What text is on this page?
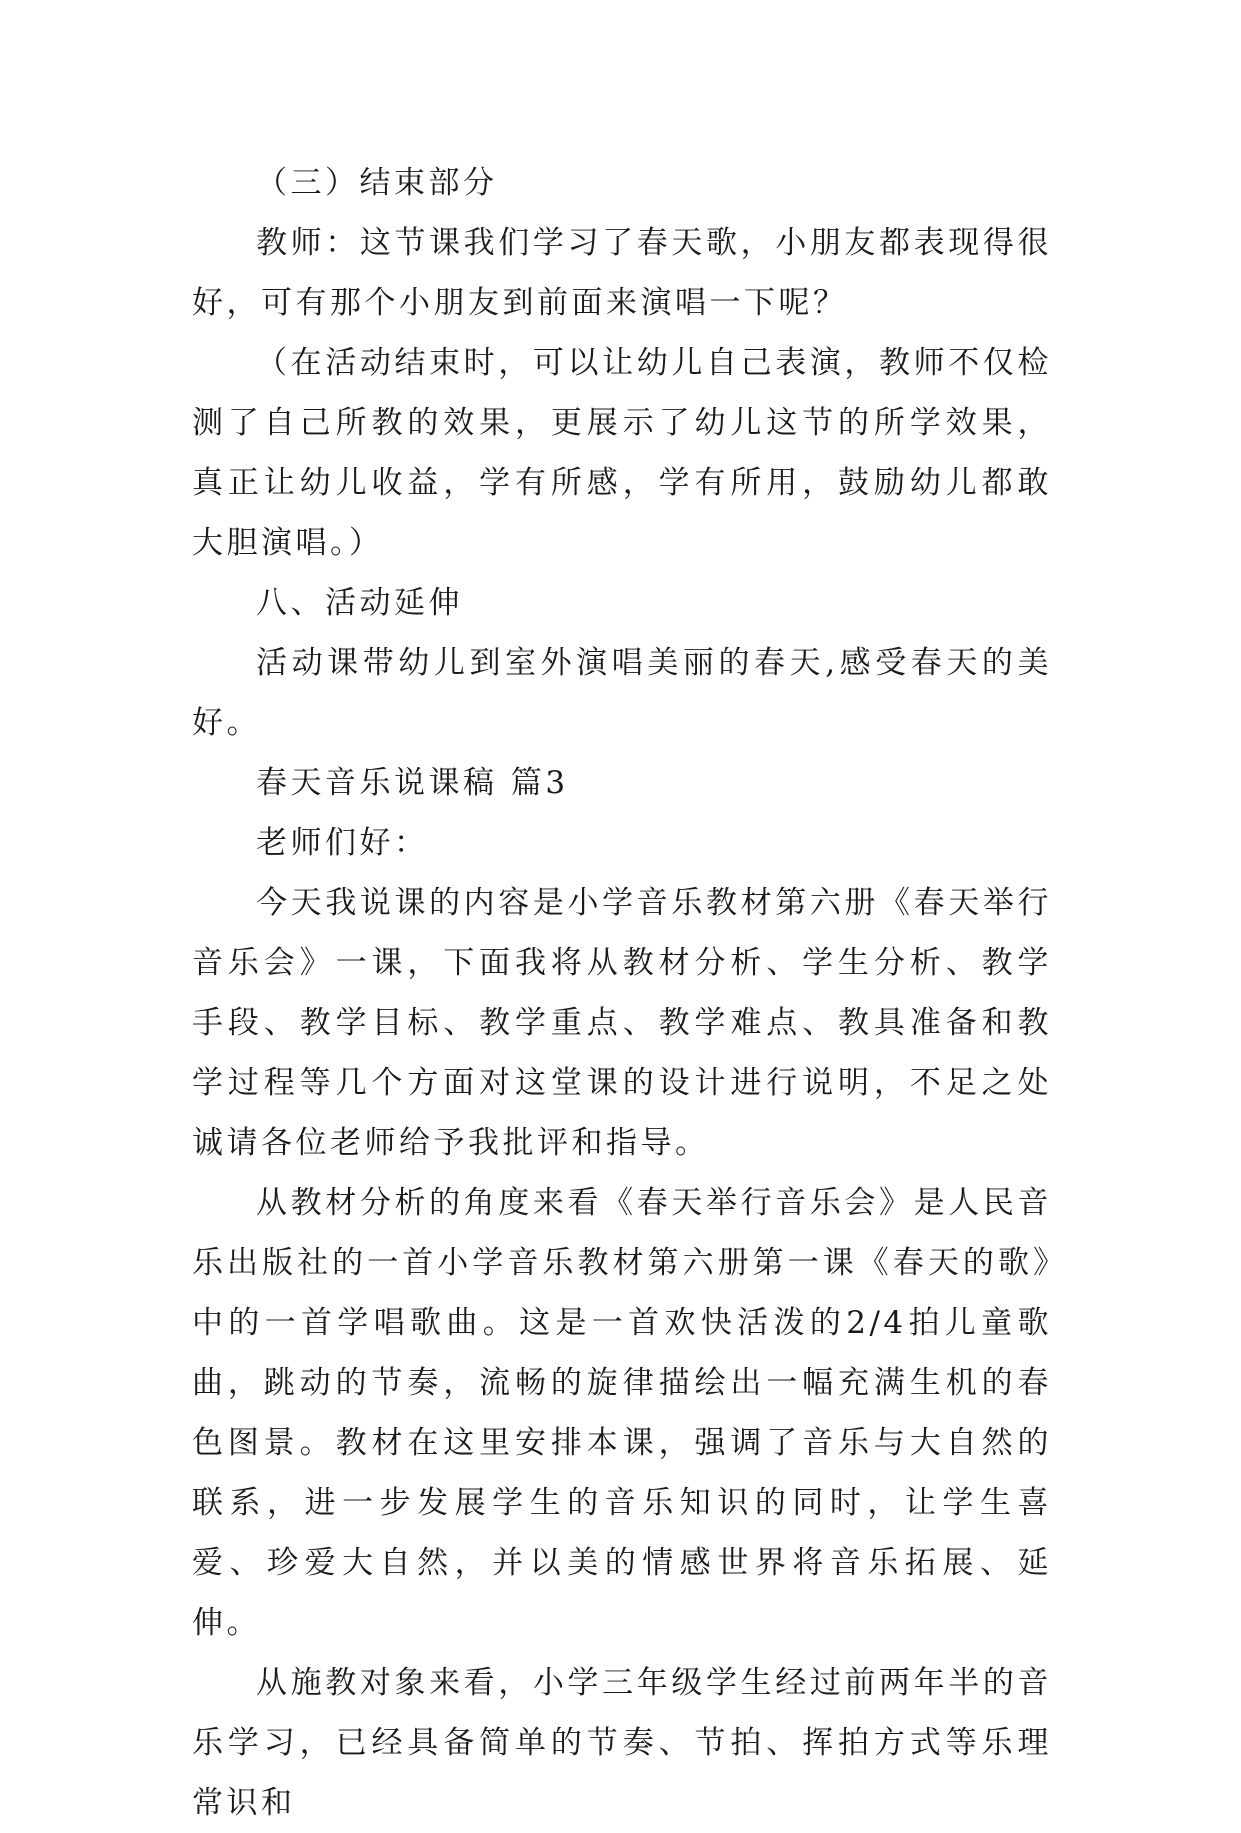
（三）结束部分

教师：这节课我们学习了春天歌，小朋友都表现得很好，可有那个小朋友到前面来演唱一下呢？

（在活动结束时，可以让幼儿自己表演，教师不仅检测了自己所教的效果，更展示了幼儿这节的所学效果，真正让幼儿收益，学有所感，学有所用，鼓励幼儿都敢大胆演唱。）

八、活动延伸

活动课带幼儿到室外演唱美丽的春天,感受春天的美好。

春天音乐说课稿 篇3

老师们好：

今天我说课的内容是小学音乐教材第六册《春天举行音乐会》一课，下面我将从教材分析、学生分析、教学手段、教学目标、教学重点、教学难点、教具准备和教学过程等几个方面对这堂课的设计进行说明，不足之处诚请各位老师给予我批评和指导。

从教材分析的角度来看《春天举行音乐会》是人民音乐出版社的一首小学音乐教材第六册第一课《春天的歌》中的一首学唱歌曲。这是一首欢快活泼的2/4拍儿童歌曲，跳动的节奏，流畅的旋律描绘出一幅充满生机的春色图景。教材在这里安排本课，强调了音乐与大自然的联系，进一步发展学生的音乐知识的同时，让学生喜爱、珍爱大自然，并以美的情感世界将音乐拓展、延伸。

从施教对象来看，小学三年级学生经过前两年半的音乐学习，已经具备简单的节奏、节拍、挥拍方式等乐理常识和
